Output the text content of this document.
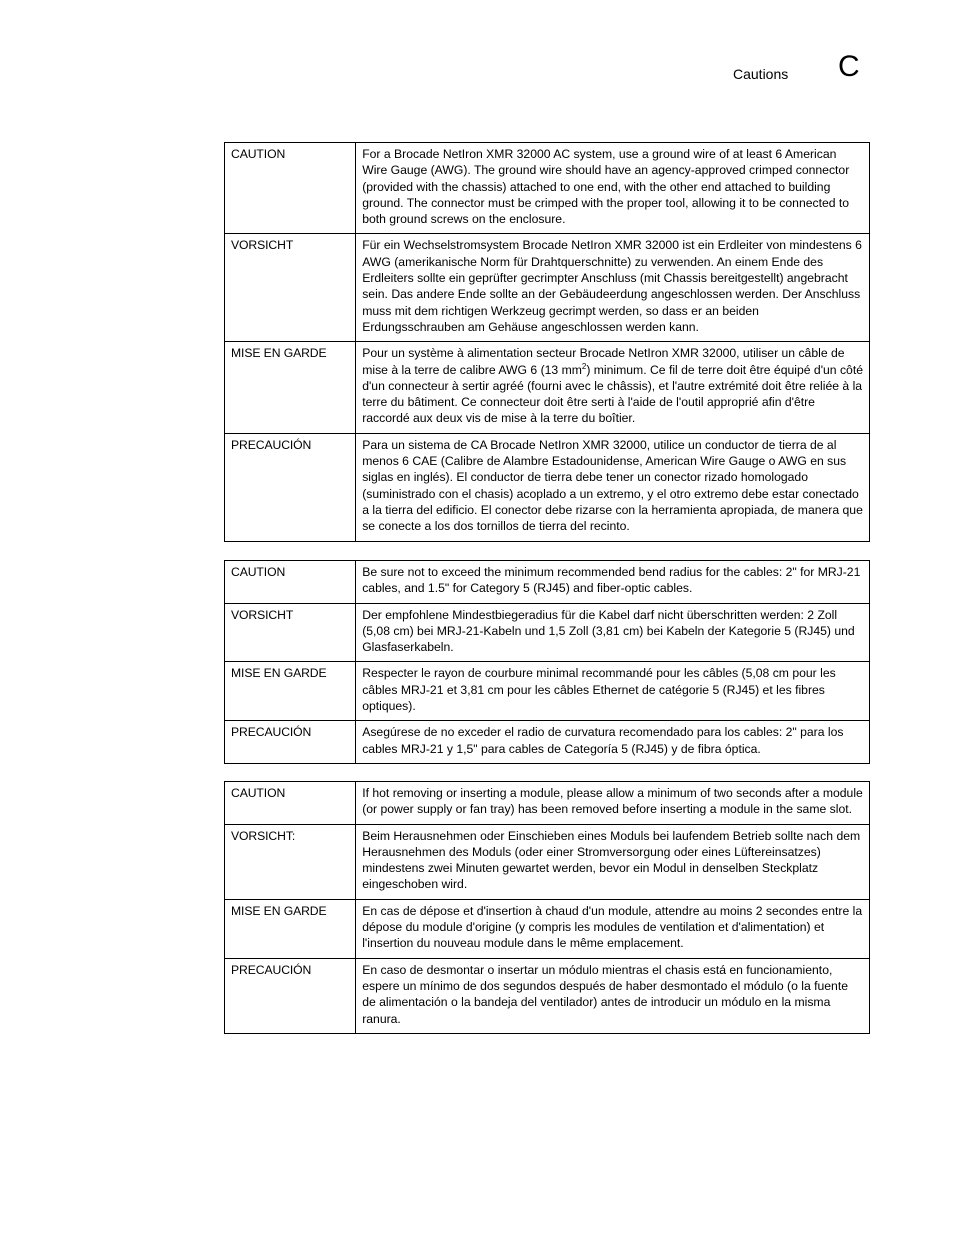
Cautions C
CAUTION	For a Brocade NetIron XMR 32000 AC system, use a ground wire of at least 6 American Wire Gauge (AWG). The ground wire should have an agency-approved crimped connector (provided with the chassis) attached to one end, with the other end attached to building ground. The connector must be crimped with the proper tool, allowing it to be connected to both ground screws on the enclosure.
VORSICHT	Für ein Wechselstromsystem Brocade NetIron XMR 32000 ist ein Erdleiter von mindestens 6 AWG (amerikanische Norm für Drahtquerschnitte) zu verwenden. An einem Ende des Erdleiters sollte ein geprüfter gecrimpter Anschluss (mit Chassis bereitgestellt) angebracht sein. Das andere Ende sollte an der Gebäudeerdung angeschlossen werden. Der Anschluss muss mit dem richtigen Werkzeug gecrimpt werden, so dass er an beiden Erdungsschrauben am Gehäuse angeschlossen werden kann.
MISE EN GARDE	Pour un système à alimentation secteur Brocade NetIron XMR 32000, utiliser un câble de mise à la terre de calibre AWG 6 (13 $mm^2$) minimum. Ce fil de terre doit être équipé d'un côté d'un connecteur à sertir agréé (fourni avec le châssis), et l'autre extrémité doit être reliée à la terre du bâtiment. Ce connecteur doit être serti à l'aide de l'outil approprié afin d'être raccordé aux deux vis de mise à la terre du boîtier.
PRECAUCIÓN	Para un sistema de CA Brocade NetIron XMR 32000, utilice un conductor de tierra de al menos 6 CAE (Calibre de Alambre Estadounidense, American Wire Gauge o AWG en sus siglas en inglés). El conductor de tierra debe tener un conector rizado homologado (suministrado con el chasis) acoplado a un extremo, y el otro extremo debe estar conectado a la tierra del edificio. El conector debe rizarse con la herramienta apropiada, de manera que se conecte a los dos tornillos de tierra del recinto.
CAUTION	Be sure not to exceed the minimum recommended bend radius for the cables: 2" for MRJ-21 cables, and 1.5" for Category 5 (RJ45) and fiber-optic cables.
VORSICHT	Der empfohlene Mindestbiegeradius für die Kabel darf nicht überschritten werden: 2 Zoll (5,08 cm) bei MRJ-21-Kabeln und 1,5 Zoll (3,81 cm) bei Kabeln der Kategorie 5 (RJ45) und Glasfaserkabeln.
MISE EN GARDE	Respecter le rayon de courbure minimal recommandé pour les câbles (5,08 cm pour les câbles MRJ-21 et 3,81 cm pour les câbles Ethernet de catégorie 5 (RJ45) et les fibres optiques).
PRECAUCIÓN	Asegúrese de no exceder el radio de curvatura recomendado para los cables: 2" para los cables MRJ-21 y 1,5" para cables de Categoría 5 (RJ45) y de fibra óptica.
CAUTION	If hot removing or inserting a module, please allow a minimum of two seconds after a module (or power supply or fan tray) has been removed before inserting a module in the same slot.
VORSICHT:	Beim Herausnehmen oder Einschieben eines Moduls bei laufendem Betrieb sollte nach dem Herausnehmen des Moduls (oder einer Stromversorgung oder eines Lüftereinsatzes) mindestens zwei Minuten gewartet werden, bevor ein Modul in denselben Steckplatz eingeschoben wird.
MISE EN GARDE	En cas de dépose et d'insertion à chaud d'un module, attendre au moins 2 secondes entre la dépose du module d'origine (y compris les modules de ventilation et d'alimentation) et l'insertion du nouveau module dans le même emplacement.
PRECAUCIÓN	En caso de desmontar o insertar un módulo mientras el chasis está en funcionamiento, espere un mínimo de dos segundos después de haber desmontado el módulo (o la fuente de alimentación o la bandeja del ventilador) antes de introducir un módulo en la misma ranura.
